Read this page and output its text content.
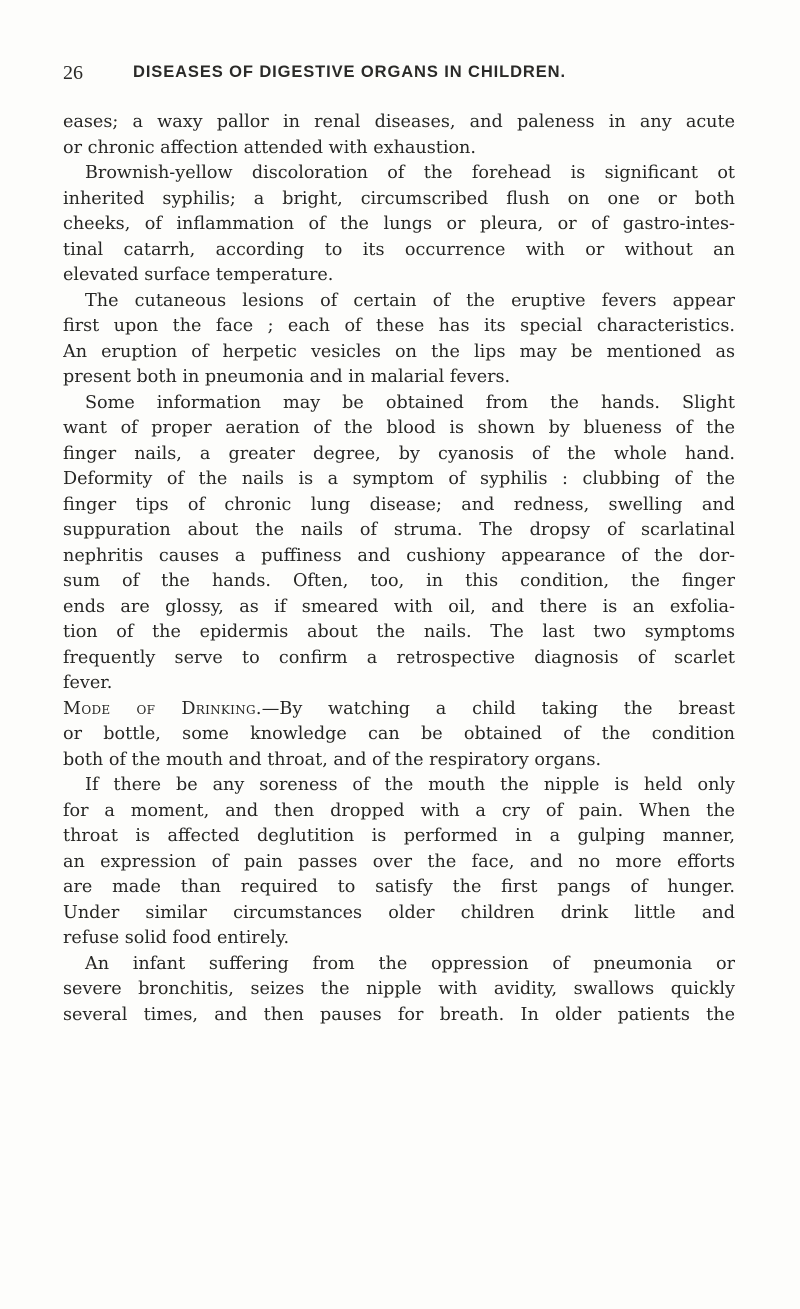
26	DISEASES OF DIGESTIVE ORGANS IN CHILDREN.
eases; a waxy pallor in renal diseases, and paleness in any acute
or chronic affection attended with exhaustion.
Brownish-yellow discoloration of the forehead is significant ot
inherited syphilis; a bright, circumscribed flush on one or both
cheeks, of inflammation of the lungs or pleura, or of gastro-intes-
tinal catarrh, according to its occurrence with or without an
elevated surface temperature.
The cutaneous lesions of certain of the eruptive fevers appear
first upon the face ; each of these has its special characteristics.
An eruption of herpetic vesicles on the lips may be mentioned as
present both in pneumonia and in malarial fevers.
Some information may be obtained from the hands. Slight
want of proper aeration of the blood is shown by blueness of the
finger nails, a greater degree, by cyanosis of the whole hand.
Deformity of the nails is a symptom of syphilis : clubbing of the
finger tips of chronic lung disease; and redness, swelling and
suppuration about the nails of struma. The dropsy of scarlatinal
nephritis causes a puffiness and cushiony appearance of the dor-
sum of the hands. Often, too, in this condition, the finger
ends are glossy, as if smeared with oil, and there is an exfolia-
tion of the epidermis about the nails. The last two symptoms
frequently serve to confirm a retrospective diagnosis of scarlet
fever.
Mode of Drinking.—By watching a child taking the breast
or bottle, some knowledge can be obtained of the condition
both of the mouth and throat, and of the respiratory organs.
If there be any soreness of the mouth the nipple is held only
for a moment, and then dropped with a cry of pain. When the
throat is affected deglutition is performed in a gulping manner,
an expression of pain passes over the face, and no more efforts
are made than required to satisfy the first pangs of hunger.
Under similar circumstances older children drink little and
refuse solid food entirely.
An infant suffering from the oppression of pneumonia or
severe bronchitis, seizes the nipple with avidity, swallows quickly
several times, and then pauses for breath. In older patients the
